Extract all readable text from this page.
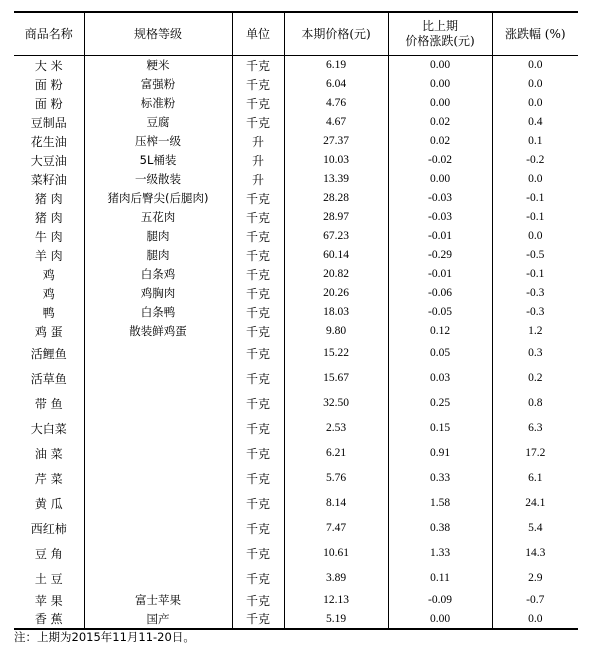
商品名称	规格等级	单位	本期价格(元)	比上期
价格涨跌(元)	涨跌幅 (%)
大 米	粳米	千克	6.19	0.00	0.0
面 粉	富强粉	千克	6.04	0.00	0.0
面 粉	标准粉	千克	4.76	0.00	0.0
豆制品	豆腐	千克	4.67	0.02	0.4
花生油	压榨一级	升	27.37	0.02	0.1
大豆油	5L桶装	升	10.03	-0.02	-0.2
菜籽油	一级散装	升	13.39	0.00	0.0
猪 肉	猪肉后臀尖(后腿肉)	千克	28.28	-0.03	-0.1
猪 肉	五花肉	千克	28.97	-0.03	-0.1
牛 肉	腿肉	千克	67.23	-0.01	0.0
羊 肉	腿肉	千克	60.14	-0.29	-0.5
鸡	白条鸡	千克	20.82	-0.01	-0.1
鸡	鸡胸肉	千克	20.26	-0.06	-0.3
鸭	白条鸭	千克	18.03	-0.05	-0.3
鸡 蛋	散装鲜鸡蛋	千克	9.80	0.12	1.2
活鲤鱼		千克	15.22	0.05	0.3
活草鱼		千克	15.67	0.03	0.2
带 鱼		千克	32.50	0.25	0.8
大白菜		千克	2.53	0.15	6.3
油 菜		千克	6.21	0.91	17.2
芹 菜		千克	5.76	0.33	6.1
黄 瓜		千克	8.14	1.58	24.1
西红柿		千克	7.47	0.38	5.4
豆 角		千克	10.61	1.33	14.3
土 豆		千克	3.89	0.11	2.9
苹 果	富士苹果	千克	12.13	-0.09	-0.7
香 蕉	国产	千克	5.19	0.00	0.0
注：上期为2015年11月11-20日。
